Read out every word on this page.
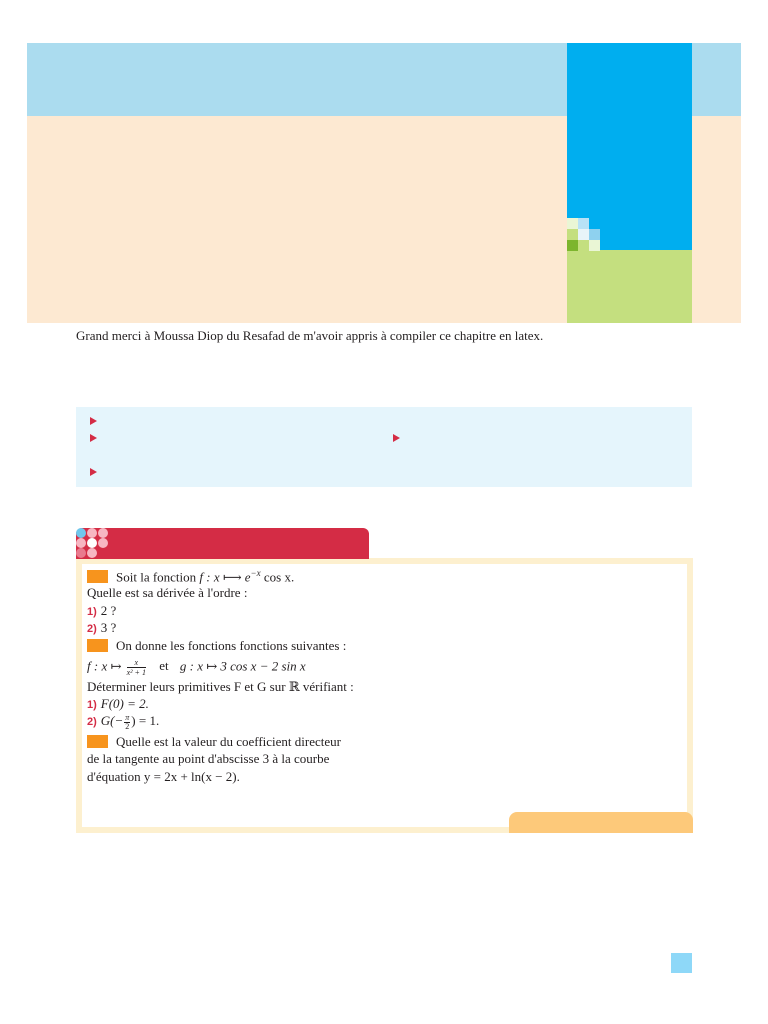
Grand merci à Moussa Diop du Resafad de m'avoir appris à compiler ce chapitre en latex.
Soit la fonction f : x ⟼ $e^{-x}$ cos x.
Quelle est sa dérivée à l'ordre :
1) 2 ?
2) 3 ?
On donne les fonctions fonctions suivantes :
f : x ↦ $\frac{x}{\text{x² + 1}}$ et g : x ↦ 3 cos x − 2 sin x
Déterminer leurs primitives F et G sur ℝ vérifiant :
1) F(0) = 2.
2) $G(- \frac{\pi}{2}$ ) = 1.
Quelle est la valeur du coefficient directeur
de la tangente au point d'abscisse 3 à la courbe
d'équation y = 2x + ln(x − 2).
